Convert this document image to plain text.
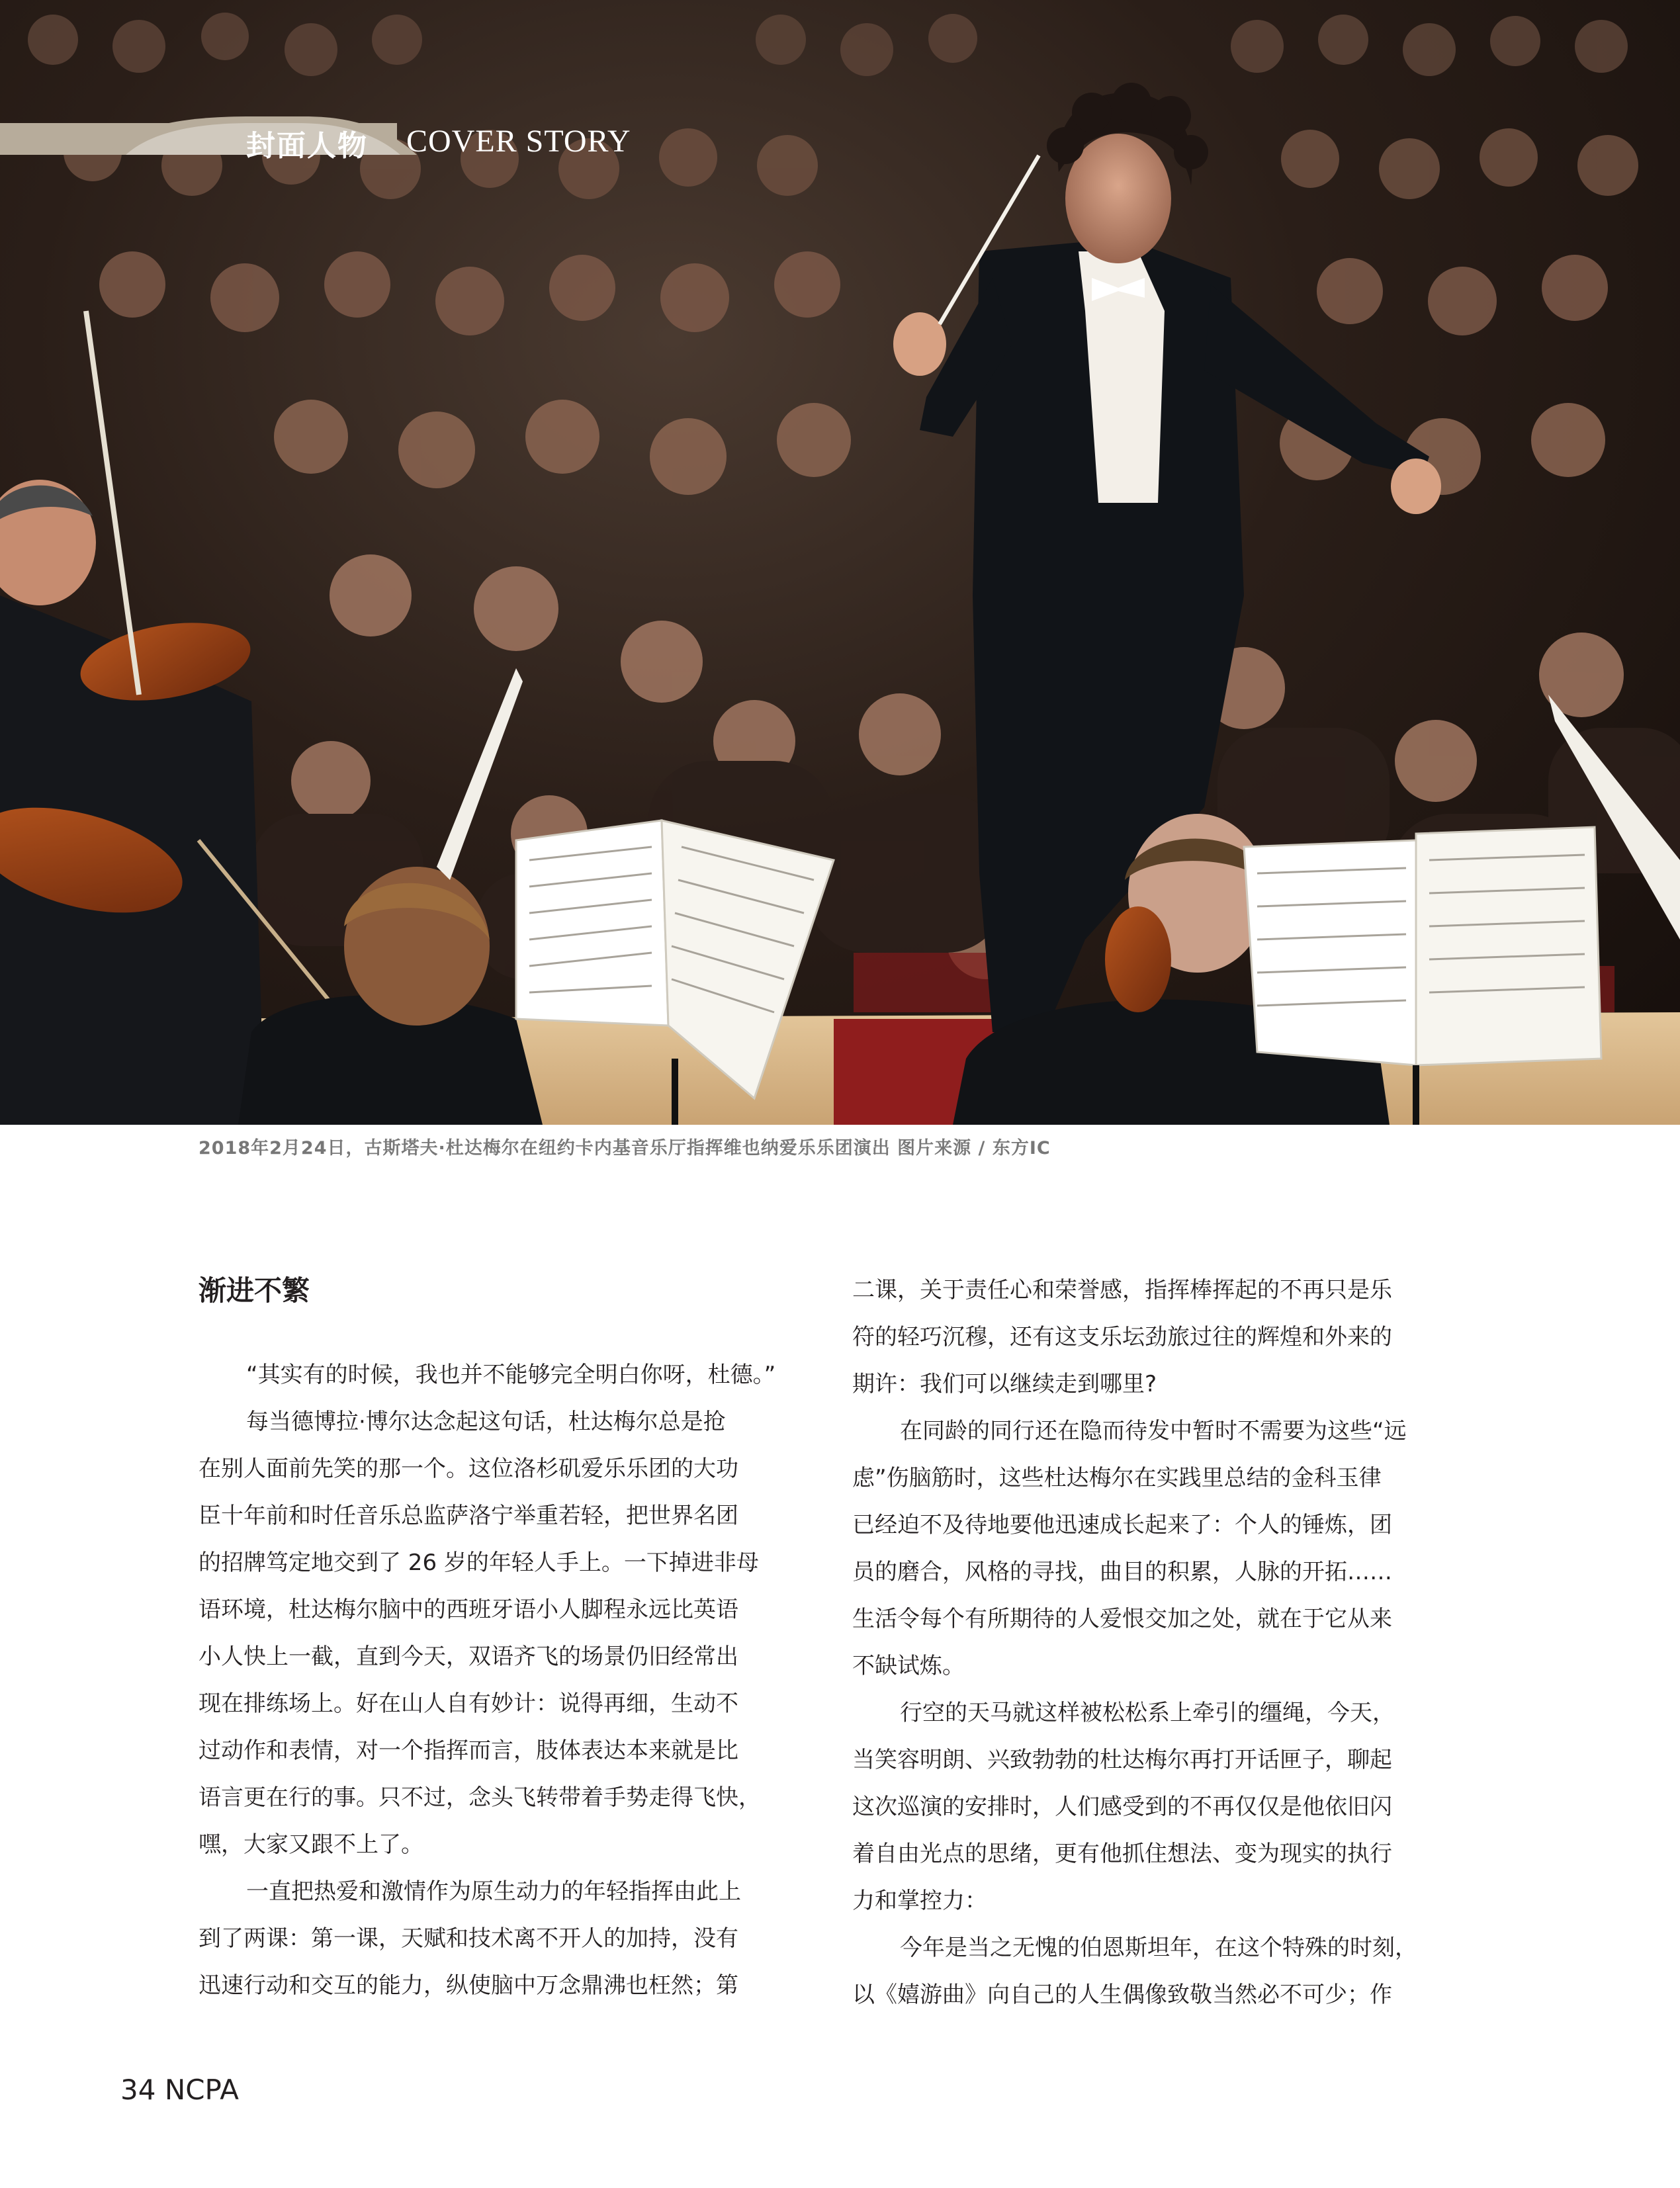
封面人物 COVER STORY
2018年2月24日，古斯塔夫·杜达梅尔在纽约卡内基音乐厅指挥维也纳爱乐乐团演出 图片来源 / 东方IC

渐进不繁

“其实有的时候，我也并不能够完全明白你呀，杜德。”

每当德博拉·博尔达念起这句话，杜达梅尔总是抢

在别人面前先笑的那一个。这位洛杉矶爱乐乐团的大功

臣十年前和时任音乐总监萨洛宁举重若轻，把世界名团

的招牌笃定地交到了 26 岁的年轻人手上。一下掉进非母

语环境，杜达梅尔脑中的西班牙语小人脚程永远比英语

小人快上一截，直到今天，双语齐飞的场景仍旧经常出

现在排练场上。好在山人自有妙计：说得再细，生动不

过动作和表情，对一个指挥而言，肢体表达本来就是比

语言更在行的事。只不过，念头飞转带着手势走得飞快，

嘿，大家又跟不上了。

一直把热爱和激情作为原生动力的年轻指挥由此上

到了两课：第一课，天赋和技术离不开人的加持，没有

迅速行动和交互的能力，纵使脑中万念鼎沸也枉然；第

二课，关于责任心和荣誉感，指挥棒挥起的不再只是乐

符的轻巧沉穆，还有这支乐坛劲旅过往的辉煌和外来的

期许：我们可以继续走到哪里?

在同龄的同行还在隐而待发中暂时不需要为这些“远

虑”伤脑筋时，这些杜达梅尔在实践里总结的金科玉律

已经迫不及待地要他迅速成长起来了：个人的锤炼，团

员的磨合，风格的寻找，曲目的积累，人脉的开拓……

生活令每个有所期待的人爱恨交加之处，就在于它从来

不缺试炼。

行空的天马就这样被松松系上牵引的缰绳，今天，

当笑容明朗、兴致勃勃的杜达梅尔再打开话匣子，聊起

这次巡演的安排时，人们感受到的不再仅仅是他依旧闪

着自由光点的思绪，更有他抓住想法、变为现实的执行

力和掌控力：

今年是当之无愧的伯恩斯坦年，在这个特殊的时刻，

以《嬉游曲》向自己的人生偶像致敬当然必不可少；作

34 NCPA
